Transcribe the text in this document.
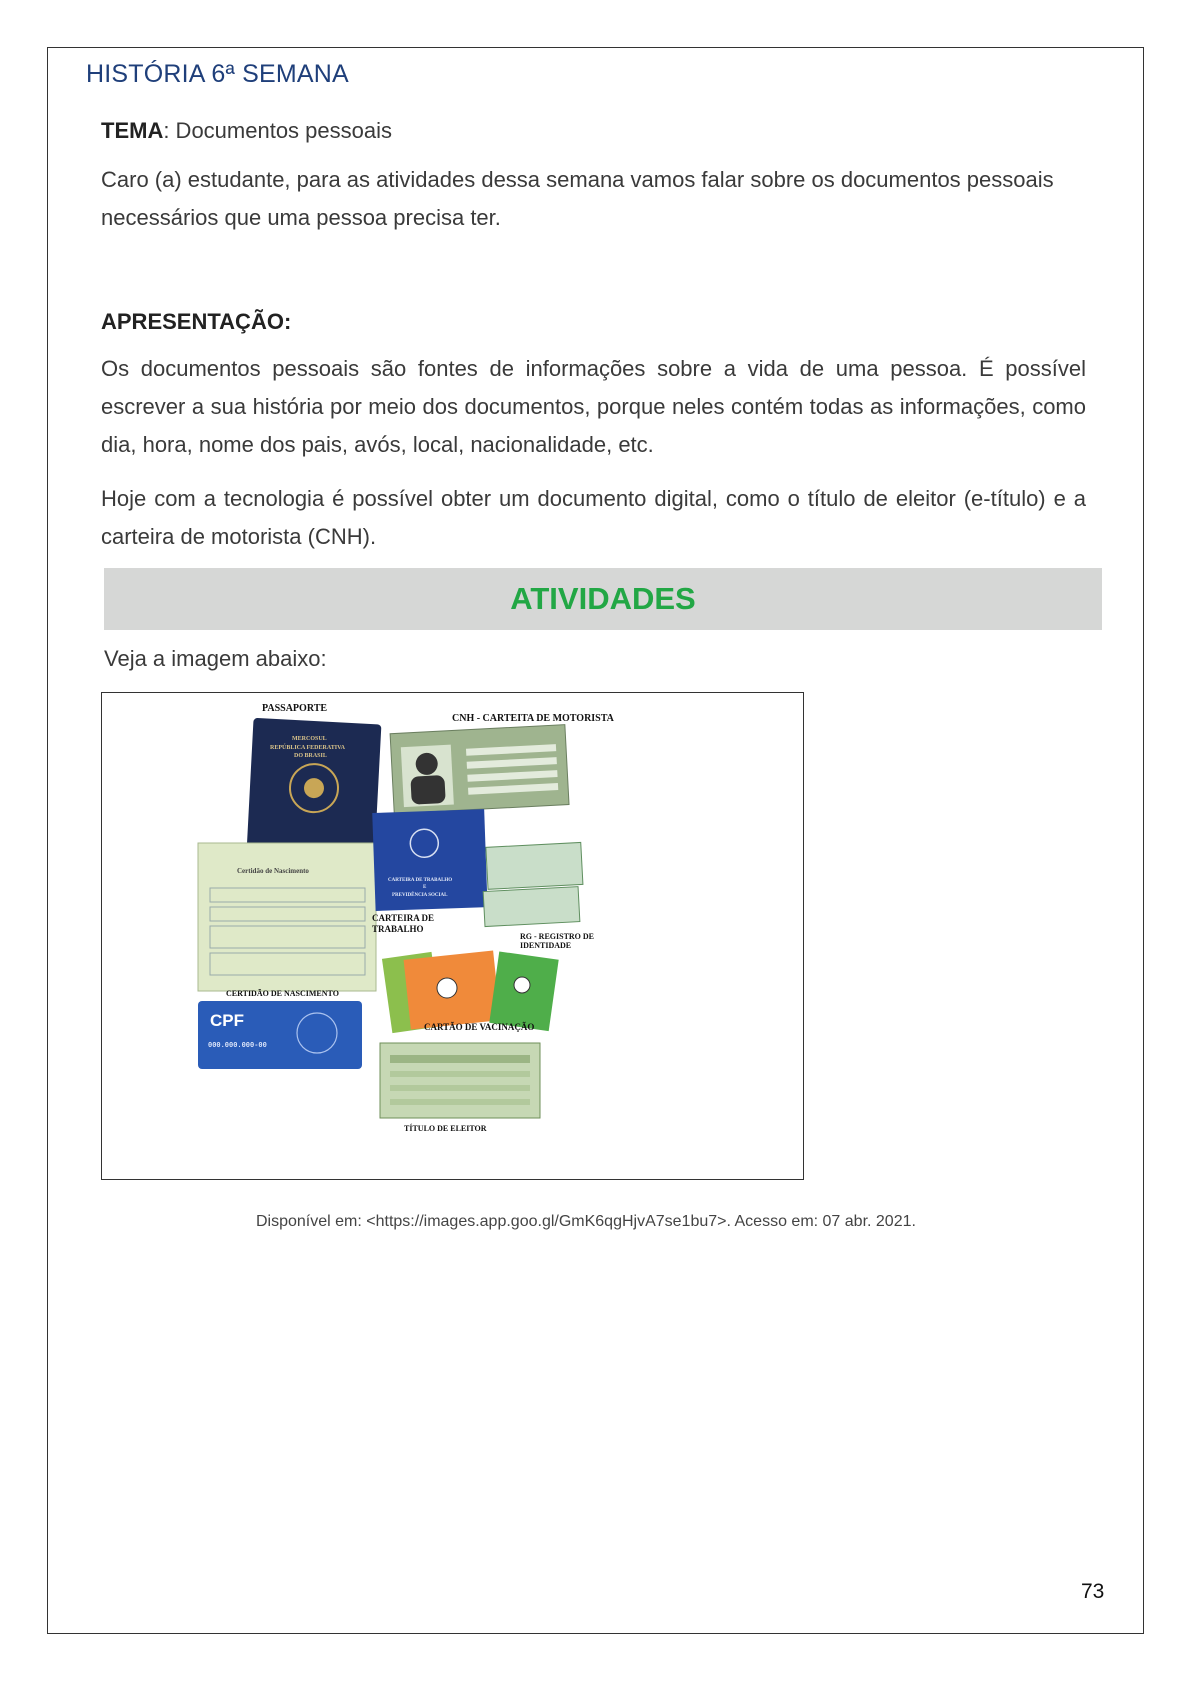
HISTÓRIA 6ª SEMANA
TEMA: Documentos pessoais
Caro (a) estudante, para as atividades dessa semana vamos falar sobre os documentos pessoais necessários que uma pessoa precisa ter.
APRESENTAÇÃO:
Os documentos pessoais são fontes de informações sobre a vida de uma pessoa. É possível escrever a sua história por meio dos documentos, porque neles contém todas as informações, como dia, hora, nome dos pais, avós, local, nacionalidade, etc.
Hoje com a tecnologia é possível obter um documento digital, como o título de eleitor (e-título) e a carteira de motorista (CNH).
ATIVIDADES
Veja a imagem abaixo:
PASSAPORTE
MERCOSUL
REPÚBLICA FEDERATIVA
DO BRASIL
CNH - CARTEITA DE MOTORISTA
Certidão de Nascimento
CERTIDÃO DE NASCIMENTO
CARTEIRA DE TRABALHO
E
PREVIDÊNCIA SOCIAL
CARTEIRA DE
TRABALHO
RG - REGISTRO DE
IDENTIDADE
CARTÃO DE VACINAÇÃO
CPF
000.000.000-00
TÍTULO DE ELEITOR
Disponível em: <https://images.app.goo.gl/GmK6qgHjvA7se1bu7>. Acesso em: 07 abr. 2021.
73
